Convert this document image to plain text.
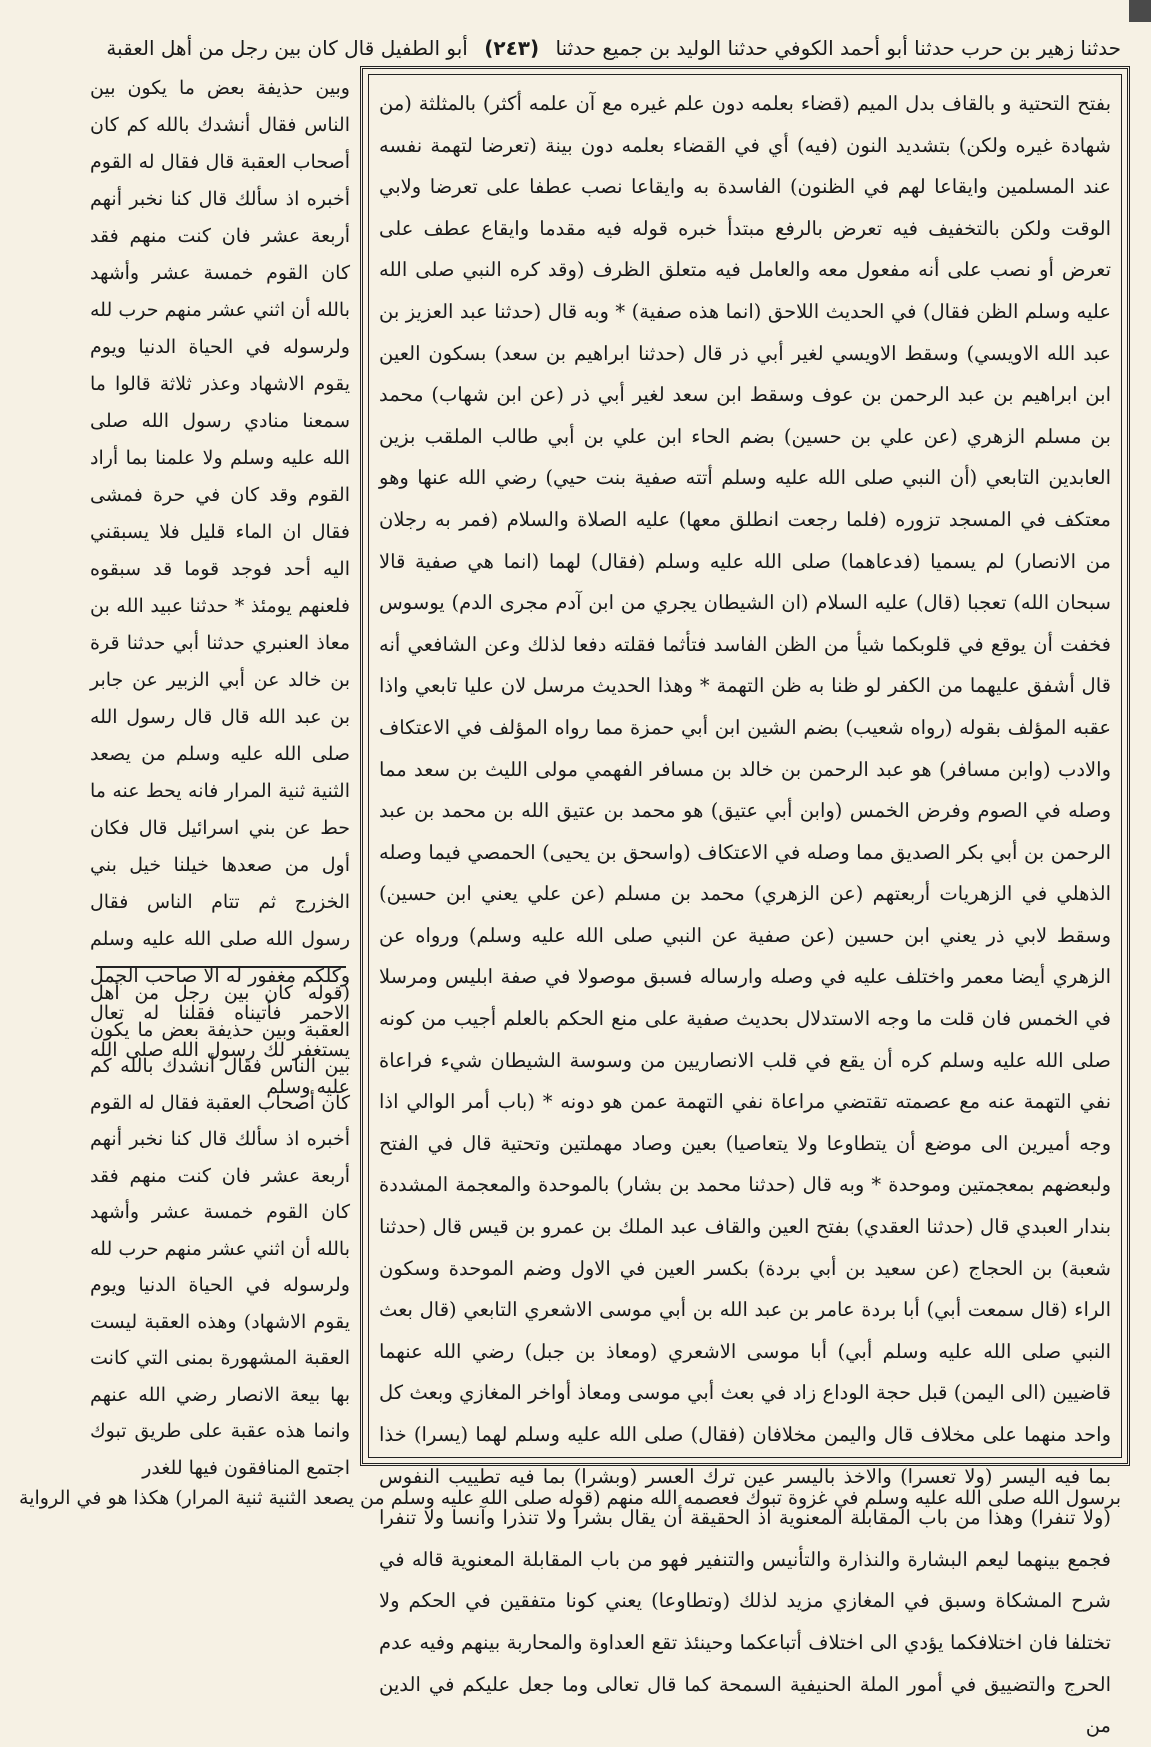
حدثنا زهير بن حرب حدثنا أبو أحمد الكوفي حدثنا الوليد بن جميع حدثنا (٢٤٣) أبو الطفيل قال كان بين رجل من أهل العقبة
بفتح التحتية و بالقاف بدل الميم (قضاء بعلمه دون علم غيره مع آن علمه أكثر) بالمثلثة (من شهادة غيره ولكن) بتشديد النون (فيه) أي في القضاء بعلمه دون بينة (تعرضا لتهمة نفسه عند المسلمين وايقاعا لهم في الظنون) الفاسدة به وايقاعا نصب عطفا على تعرضا ولابي الوقت ولكن بالتخفيف فيه تعرض بالرفع مبتدأ خبره قوله فيه مقدما وايقاع عطف على تعرض أو نصب على أنه مفعول معه والعامل فيه متعلق الظرف (وقد كره النبي صلى الله عليه وسلم الظن فقال) في الحديث اللاحق (انما هذه صفية) * وبه قال (حدثنا عبد العزيز بن عبد الله الاويسي) وسقط الاويسي لغير أبي ذر قال (حدثنا ابراهيم بن سعد) بسكون العين ابن ابراهيم بن عبد الرحمن بن عوف وسقط ابن سعد لغير أبي ذر (عن ابن شهاب) محمد بن مسلم الزهري (عن علي بن حسين) بضم الحاء ابن علي بن أبي طالب الملقب بزين العابدين التابعي (أن النبي صلى الله عليه وسلم أتته صفية بنت حيي) رضي الله عنها وهو معتكف في المسجد تزوره (فلما رجعت انطلق معها) عليه الصلاة والسلام (فمر به رجلان من الانصار) لم يسميا (فدعاهما) صلى الله عليه وسلم (فقال) لهما (انما هي صفية قالا سبحان الله) تعجبا (قال) عليه السلام (ان الشيطان يجري من ابن آدم مجرى الدم) يوسوس فخفت أن يوقع في قلوبكما شيأ من الظن الفاسد فتأثما فقلته دفعا لذلك وعن الشافعي أنه قال أشفق عليهما من الكفر لو ظنا به ظن التهمة * وهذا الحديث مرسل لان عليا تابعي واذا عقبه المؤلف بقوله (رواه شعيب) بضم الشين ابن أبي حمزة مما رواه المؤلف في الاعتكاف والادب (وابن مسافر) هو عبد الرحمن بن خالد بن مسافر الفهمي مولى الليث بن سعد مما وصله في الصوم وفرض الخمس (وابن أبي عتيق) هو محمد بن عتيق الله بن محمد بن عبد الرحمن بن أبي بكر الصديق مما وصله في الاعتكاف (واسحق بن يحيى) الحمصي فيما وصله الذهلي في الزهريات أربعتهم (عن الزهري) محمد بن مسلم (عن علي يعني ابن حسين) وسقط لابي ذر يعني ابن حسين (عن صفية عن النبي صلى الله عليه وسلم) ورواه عن الزهري أيضا معمر واختلف عليه في وصله وارساله فسبق موصولا في صفة ابليس ومرسلا في الخمس فان قلت ما وجه الاستدلال بحديث صفية على منع الحكم بالعلم أجيب من كونه صلى الله عليه وسلم كره أن يقع في قلب الانصاريين من وسوسة الشيطان شيء فراعاة نفي التهمة عنه مع عصمته تقتضي مراعاة نفي التهمة عمن هو دونه * (باب أمر الوالي اذا وجه أميرين الى موضع أن يتطاوعا ولا يتعاصيا) بعين وصاد مهملتين وتحتية قال في الفتح ولبعضهم بمعجمتين وموحدة * وبه قال (حدثنا محمد بن بشار) بالموحدة والمعجمة المشددة بندار العبدي قال (حدثنا العقدي) بفتح العين والقاف عبد الملك بن عمرو بن قيس قال (حدثنا شعبة) بن الحجاج (عن سعيد بن أبي بردة) بكسر العين في الاول وضم الموحدة وسكون الراء (قال سمعت أبي) أبا بردة عامر بن عبد الله بن أبي موسى الاشعري التابعي (قال بعث النبي صلى الله عليه وسلم أبي) أبا موسى الاشعري (ومعاذ بن جبل) رضي الله عنهما قاضيين (الى اليمن) قبل حجة الوداع زاد في بعث أبي موسى ومعاذ أواخر المغازي وبعث كل واحد منهما على مخلاف قال واليمن مخلافان (فقال) صلى الله عليه وسلم لهما (يسرا) خذا بما فيه اليسر (ولا تعسرا) والاخذ باليسر عين ترك العسر (وبشرا) بما فيه تطييب النفوس (ولا تنفرا) وهذا من باب المقابلة المعنوية اذ الحقيقة أن يقال بشرا ولا تنذرا وآنسا ولا تنفرا فجمع بينهما ليعم البشارة والنذارة والتأنيس والتنفير فهو من باب المقابلة المعنوية قاله في شرح المشكاة وسبق في المغازي مزيد لذلك (وتطاوعا) يعني كونا متفقين في الحكم ولا تختلفا فان اختلافكما يؤدي الى اختلاف أتباعكما وحينئذ تقع العداوة والمحاربة بينهم وفيه عدم الحرج والتضييق في أمور الملة الحنيفية السمحة كما قال تعالى وما جعل عليكم في الدين من
وبين حذيفة بعض ما يكون بين الناس فقال أنشدك بالله كم كان أصحاب العقبة قال فقال له القوم أخبره اذ سألك قال كنا نخبر أنهم أربعة عشر فان كنت منهم فقد كان القوم خمسة عشر وأشهد بالله أن اثني عشر منهم حرب لله ولرسوله في الحياة الدنيا ويوم يقوم الاشهاد وعذر ثلاثة قالوا ما سمعنا منادي رسول الله صلى الله عليه وسلم ولا علمنا بما أراد القوم وقد كان في حرة فمشى فقال ان الماء قليل فلا يسبقني اليه أحد فوجد قوما قد سبقوه فلعنهم يومئذ * حدثنا عبيد الله بن معاذ العنبري حدثنا أبي حدثنا قرة بن خالد عن أبي الزبير عن جابر بن عبد الله قال قال رسول الله صلى الله عليه وسلم من يصعد الثنية ثنية المرار فانه يحط عنه ما حط عن بني اسرائيل قال فكان أول من صعدها خيلنا خيل بني الخزرج ثم تتام الناس فقال رسول الله صلى الله عليه وسلم وكلكم مغفور له الا صاحب الجمل الاحمر فأتيناه فقلنا له تعال يستغفر لك رسول الله صلى الله عليه وسلم
(قوله كان بين رجل من أهل العقبة وبين حذيفة بعض ما يكون بين الناس فقال أنشدك بالله كم كان أصحاب العقبة فقال له القوم أخبره اذ سألك قال كنا نخبر أنهم أربعة عشر فان كنت منهم فقد كان القوم خمسة عشر وأشهد بالله أن اثني عشر منهم حرب لله ولرسوله في الحياة الدنيا ويوم يقوم الاشهاد) وهذه العقبة ليست العقبة المشهورة بمنى التي كانت بها بيعة الانصار رضي الله عنهم وانما هذه عقبة على طريق تبوك اجتمع المنافقون فيها للغدر
برسول الله صلى الله عليه وسلم في غزوة تبوك فعصمه الله منهم (قوله صلى الله عليه وسلم من يصعد الثنية ثنية المرار) هكذا هو في الرواية
